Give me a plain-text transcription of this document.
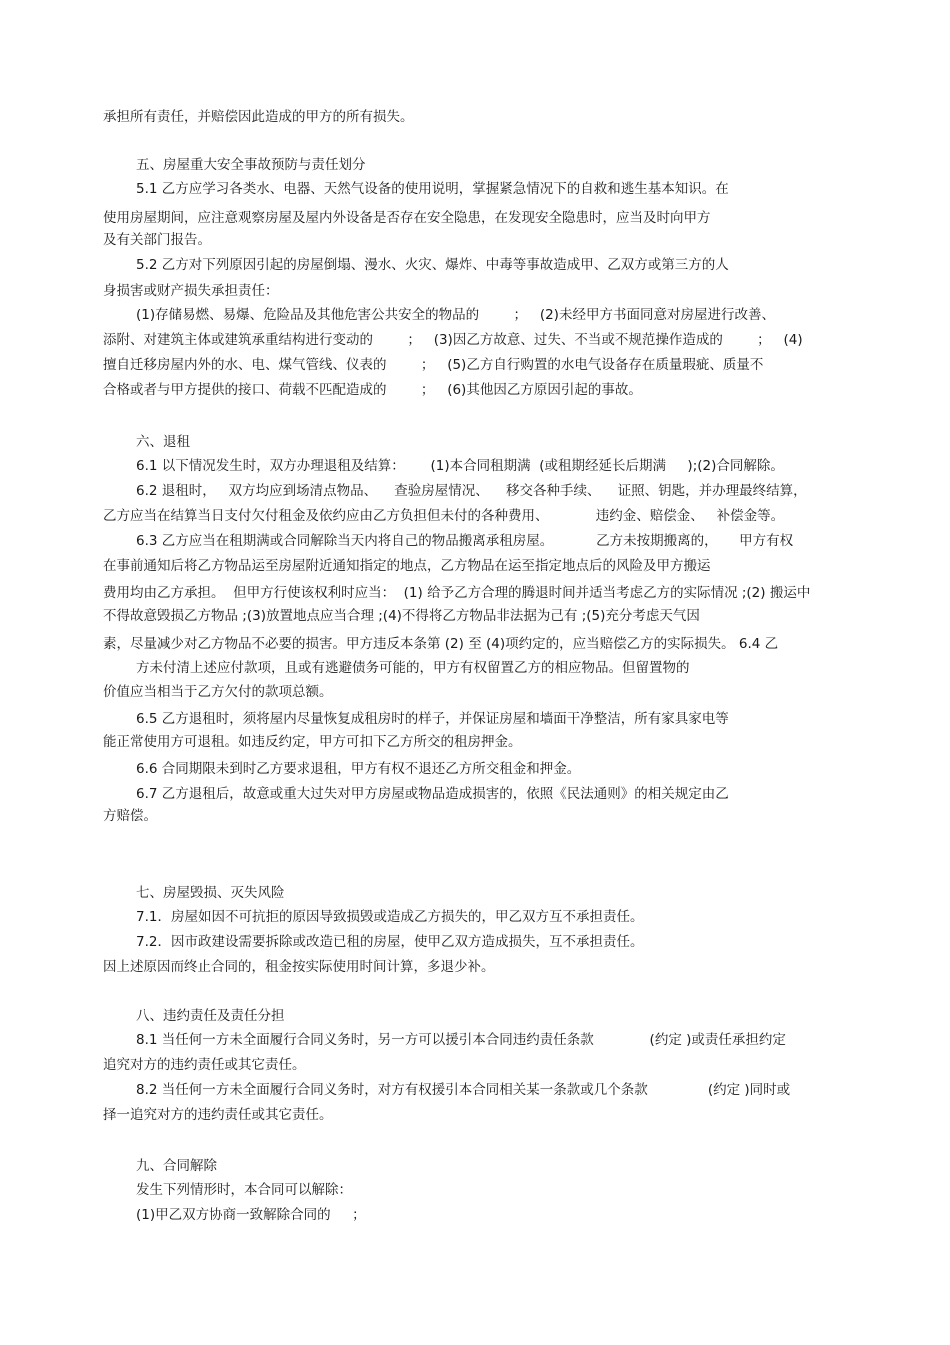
承担所有责任，并赔偿因此造成的甲方的所有损失。
五、房屋重大安全事故预防与责任划分
5.1 乙方应学习各类水、电器、天然气设备的使用说明，掌握紧急情况下的自救和逃生基本知识。在
使用房屋期间，应注意观察房屋及屋内外设备是否存在安全隐患，在发现安全隐患时，应当及时向甲方
及有关部门报告。
5.2 乙方对下列原因引起的房屋倒塌、漫水、火灾、爆炸、中毒等事故造成甲、乙双方或第三方的人
身损害或财产损失承担责任：
(1)存储易燃、易爆、危险品及其他危害公共安全的物品的        ；   (2)未经甲方书面同意对房屋进行改善、
添附、对建筑主体或建筑承重结构进行变动的        ；   (3)因乙方故意、过失、不当或不规范操作造成的        ；   (4)
擅自迁移房屋内外的水、电、煤气管线、仪表的        ；   (5)乙方自行购置的水电气设备存在质量瑕疵、质量不
合格或者与甲方提供的接口、荷载不匹配造成的        ；   (6)其他因乙方原因引起的事故。
六、退租
6.1 以下情况发生时，双方办理退租及结算：      (1)本合同租期满  (或租期经延长后期满     );(2)合同解除。
6.2 退租时，   双方均应到场清点物品、    查验房屋情况、    移交各种手续、    证照、钥匙，并办理最终结算，
乙方应当在结算当日支付欠付租金及依约应由乙方负担但未付的各种费用、           违约金、赔偿金、   补偿金等。
6.3 乙方应当在租期满或合同解除当天内将自己的物品搬离承租房屋。          乙方未按期搬离的，     甲方有权
在事前通知后将乙方物品运至房屋附近通知指定的地点，乙方物品在运至指定地点后的风险及甲方搬运
费用均由乙方承担。  但甲方行使该权利时应当：  (1) 给予乙方合理的腾退时间并适当考虑乙方的实际情况 ;(2) 搬运中
不得故意毁损乙方物品 ;(3)放置地点应当合理 ;(4)不得将乙方物品非法据为己有 ;(5)充分考虑天气因
素，尽量减少对乙方物品不必要的损害。甲方违反本条第 (2) 至 (4)项约定的，应当赔偿乙方的实际损失。 6.4 乙
方未付清上述应付款项，且或有逃避债务可能的，甲方有权留置乙方的相应物品。但留置物的
价值应当相当于乙方欠付的款项总额。
6.5 乙方退租时，须将屋内尽量恢复成租房时的样子，并保证房屋和墙面干净整洁，所有家具家电等
能正常使用方可退租。如违反约定，甲方可扣下乙方所交的租房押金。
6.6 合同期限未到时乙方要求退租，甲方有权不退还乙方所交租金和押金。
6.7 乙方退租后，故意或重大过失对甲方房屋或物品造成损害的，依照《民法通则》的相关规定由乙
方赔偿。
七、房屋毁损、灭失风险
7.1．房屋如因不可抗拒的原因导致损毁或造成乙方损失的，甲乙双方互不承担责任。
7.2．因市政建设需要拆除或改造已租的房屋，使甲乙双方造成损失，互不承担责任。
因上述原因而终止合同的，租金按实际使用时间计算，多退少补。
八、违约责任及责任分担
8.1 当任何一方未全面履行合同义务时，另一方可以援引本合同违约责任条款             (约定 )或责任承担约定
追究对方的违约责任或其它责任。
8.2 当任何一方未全面履行合同义务时，对方有权援引本合同相关某一条款或几个条款              (约定 )同时或
择一追究对方的违约责任或其它责任。
九、合同解除
发生下列情形时，本合同可以解除：
(1)甲乙双方协商一致解除合同的     ；
